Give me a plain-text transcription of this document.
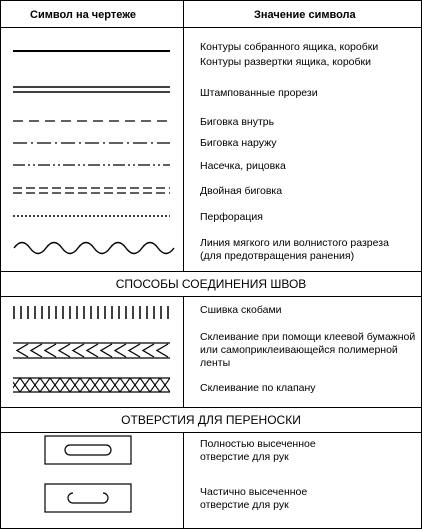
Символ на чертеже	Значение символа
СПОСОБЫ СОЕДИНЕНИЯ ШВОВ
ОТВЕРСТИЯ ДЛЯ ПЕРЕНОСКИ
Контуры собранного ящика, коробки
Контуры развертки ящика, коробки
Штампованные прорези
Биговка внутрь
Биговка наружу
Насечка, рицовка
Двойная биговка
Перфорация
Линия мягкого или волнистого разреза (для предотвращения ранения)
Сшивка скобами
Склеивание при помощи клеевой бумажной или самоприклеивающейся полимерной ленты
Склеивание по клапану
Полностью высеченное отверстие для рук
Частично высеченное отверстие для рук
